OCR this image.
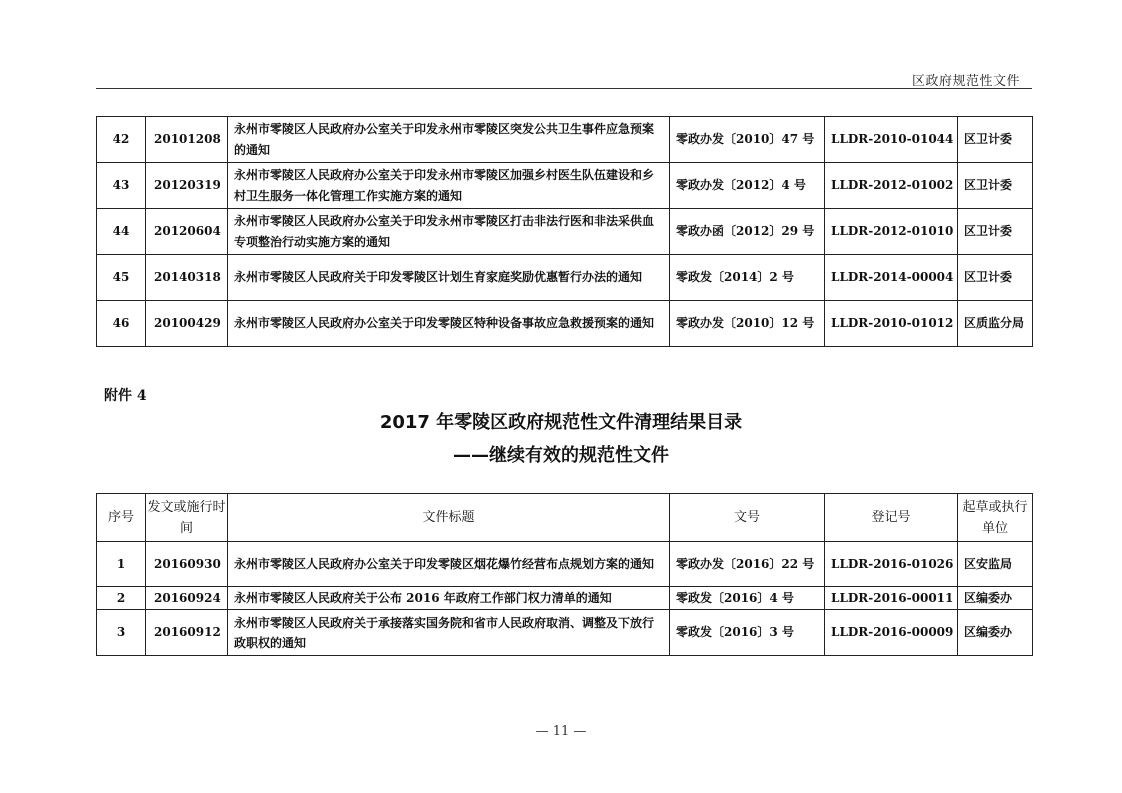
区政府规范性文件
42	20101208	永州市零陵区人民政府办公室关于印发永州市零陵区突发公共卫生事件应急预案的通知	零政办发〔2010〕47 号	LLDR-2010-01044	区卫计委
43	20120319	永州市零陵区人民政府办公室关于印发永州市零陵区加强乡村医生队伍建设和乡村卫生服务一体化管理工作实施方案的通知	零政办发〔2012〕4 号	LLDR-2012-01002	区卫计委
44	20120604	永州市零陵区人民政府办公室关于印发永州市零陵区打击非法行医和非法采供血专项整治行动实施方案的通知	零政办函〔2012〕29 号	LLDR-2012-01010	区卫计委
45	20140318	永州市零陵区人民政府关于印发零陵区计划生育家庭奖励优惠暂行办法的通知	零政发〔2014〕2 号	LLDR-2014-00004	区卫计委
46	20100429	永州市零陵区人民政府办公室关于印发零陵区特种设备事故应急救援预案的通知	零政办发〔2010〕12 号	LLDR-2010-01012	区质监分局
附件 4
2017 年零陵区政府规范性文件清理结果目录
——继续有效的规范性文件
序号	发文或施行时间	文件标题	文号	登记号	起草或执行单位
1	20160930	永州市零陵区人民政府办公室关于印发零陵区烟花爆竹经营布点规划方案的通知	零政办发〔2016〕22 号	LLDR-2016-01026	区安监局
2	20160924	永州市零陵区人民政府关于公布 2016 年政府工作部门权力清单的通知	零政发〔2016〕4 号	LLDR-2016-00011	区编委办
3	20160912	永州市零陵区人民政府关于承接落实国务院和省市人民政府取消、调整及下放行政职权的通知	零政发〔2016〕3 号	LLDR-2016-00009	区编委办
— 11 —
